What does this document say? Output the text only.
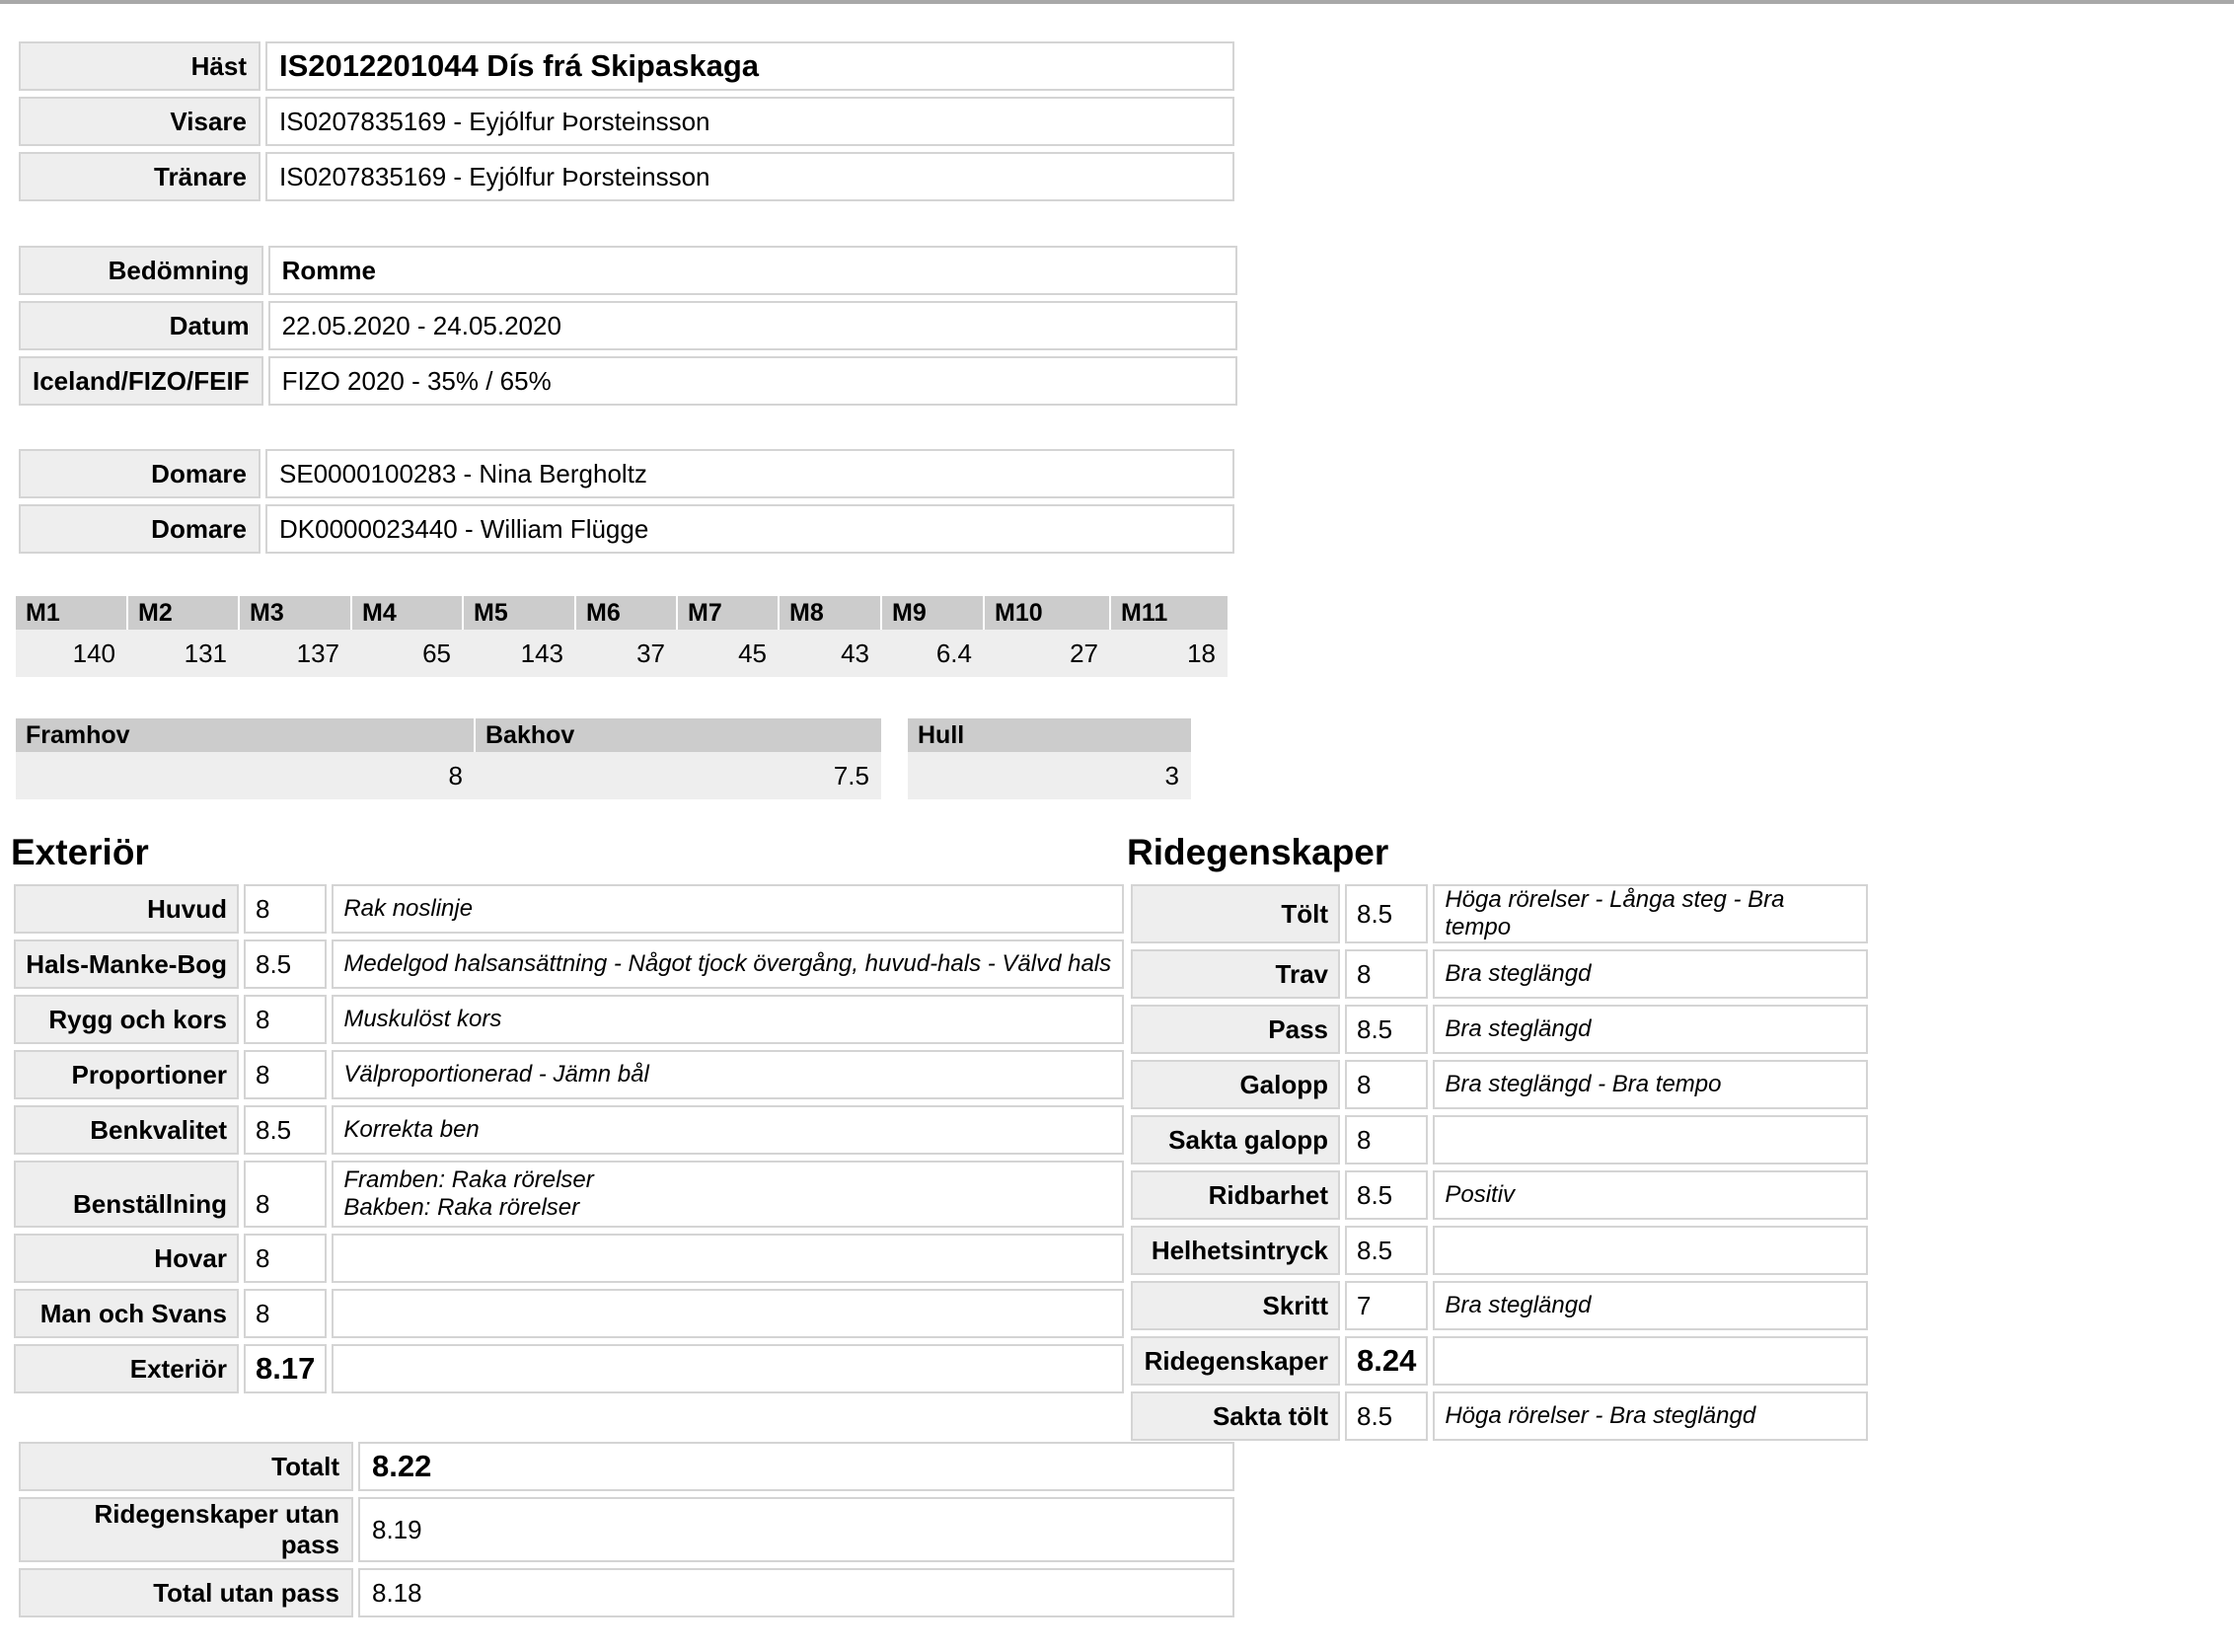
Häst	IS2012201044 Dís frá Skipaskaga

Visare	IS0207835169 - Eyjólfur Þorsteinsson

Tränare	IS0207835169 - Eyjólfur Þorsteinsson
Bedömning	Romme

Datum	22.05.2020 - 24.05.2020

Iceland/FIZO/FEIF	FIZO 2020 - 35% / 65%
Domare	SE0000100283 - Nina Bergholtz

Domare	DK0000023440 - William Flügge
M1	M2	M3	M4	M5	M6	M7	M8	M9	M10	M11
140	131	137	65	143	37	45	43	6.4	27	18
Framhov	Bakhov
8	7.5
Hull
3
Exteriör	Ridegenskaper
Huvud	8	Rak noslinje

Hals-Manke-Bog	8.5	Medelgod halsansättning - Något tjock övergång, huvud-hals - Välvd hals

Rygg och kors	8	Muskulöst kors

Proportioner	8	Välproportionerad - Jämn bål

Benkvalitet	8.5	Korrekta ben

Benställning	8	Framben: Raka rörelser
Bakben: Raka rörelser

Hovar	8	

Man och Svans	8	

Exteriör	8.17	
Tölt	8.5	Höga rörelser - Långa steg - Bra tempo

Trav	8	Bra steglängd

Pass	8.5	Bra steglängd

Galopp	8	Bra steglängd - Bra tempo

Sakta galopp	8	

Ridbarhet	8.5	Positiv

Helhetsintryck	8.5	

Skritt	7	Bra steglängd

Ridegenskaper	8.24	

Sakta tölt	8.5	Höga rörelser - Bra steglängd
Totalt	8.22

Ridegenskaper utan pass	8.19

Total utan pass	8.18
